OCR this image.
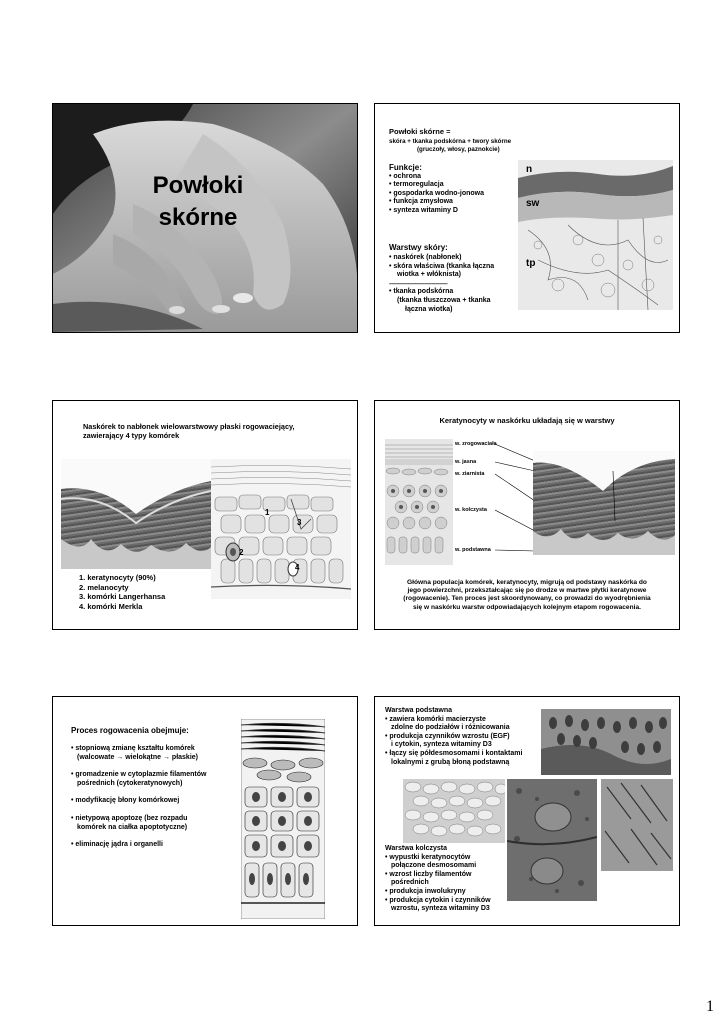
Powłoki
skórne
Powłoki skórne =
skóra + tkanka podskórna + twory skórne
(gruczoły, włosy, paznokcie)
Funkcje:
• ochrona
• termoregulacja
• gospodarka wodno-jonowa
• funkcja zmysłowa
• synteza witaminy D
Warstwy skóry:
• naskórek (nabłonek)
• skóra właściwa (tkanka łączna
wiotka + włóknista)
--------------------------------------------------
• tkanka podskórna
(tkanka tłuszczowa + tkanka
łączna wiotka)
n
sw
tp
Naskórek to nabłonek wielowarstwowy płaski rogowaciejący,
zawierający 4 typy komórek
1
2
3
4
1. keratynocyty (90%)
2. melanocyty
3. komórki Langerhansa
4. komórki Merkla
Keratynocyty w naskórku układają się w warstwy
w. zrogowaciała
w. jasna
w. ziarnista
w. kolczysta
w. podstawna
Główna populacja komórek, keratynocyty, migrują od podstawy naskórka do
jego powierzchni, przekształcając się po drodze w martwe płytki keratynowe
(rogowacenie). Ten proces jest skoordynowany, co prowadzi do wyodrębnienia
się w naskórku warstw odpowiadających kolejnym etapom rogowacenia.
Proces rogowacenia obejmuje:
• stopniową zmianę kształtu komórek
(walcowate → wielokątne → płaskie)
• gromadzenie w cytoplazmie filamentów
pośrednich (cytokeratynowych)
• modyfikację błony komórkowej
• nietypową apoptozę (bez rozpadu
komórek na ciałka apoptotyczne)
• eliminację jądra i organelli
Warstwa podstawna
• zawiera komórki macierzyste
zdolne do podziałów i różnicowania
• produkcja czynników wzrostu (EGF)
i cytokin, synteza witaminy D3
• łączy się półdesmosomami i kontaktami
lokalnymi z grubą błoną podstawną
Warstwa kolczysta
• wypustki keratynocytów
połączone desmosomami
• wzrost liczby filamentów
pośrednich
• produkcja inwolukryny
• produkcja cytokin i czynników
wzrostu, synteza witaminy D3
1
